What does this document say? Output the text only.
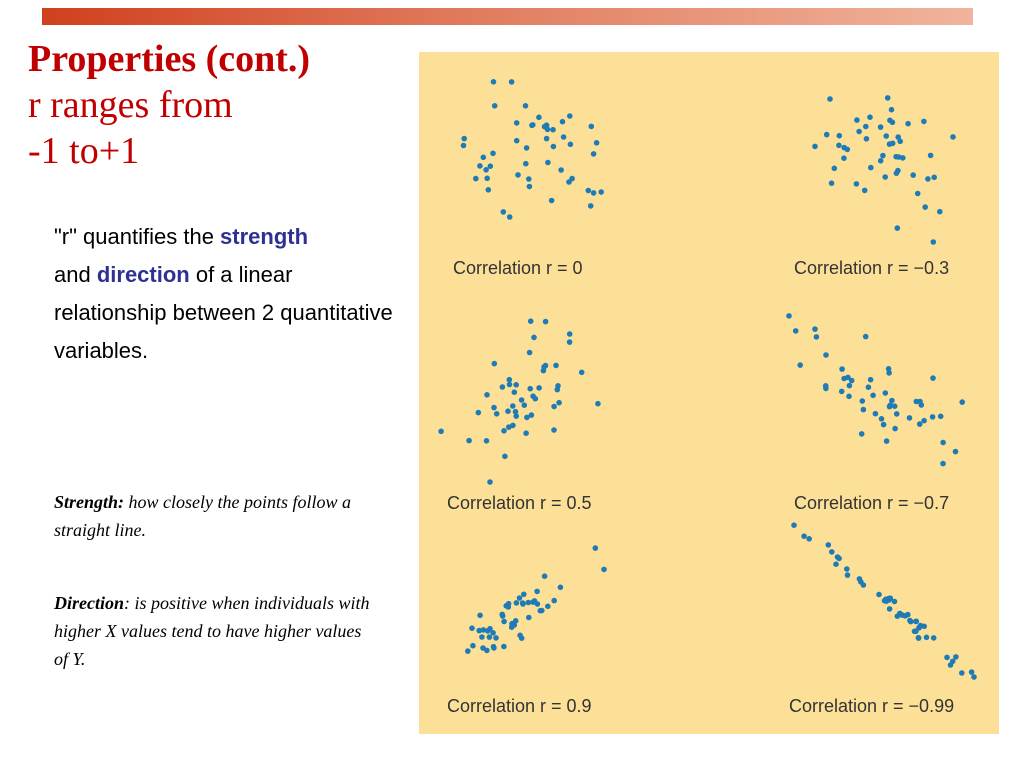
Properties (cont.)
r ranges from
-1 to+1
"r" quantifies the strength
and direction of a linear relationship between 2 quantitative variables.
Strength: how closely the points follow a straight line.
Direction: is positive when individuals with higher X values tend to have higher values of Y.
Correlation r = 0	Correlation r = −0.3
Correlation r = 0.5	Correlation r = −0.7
Correlation r = 0.9	Correlation r = −0.99
